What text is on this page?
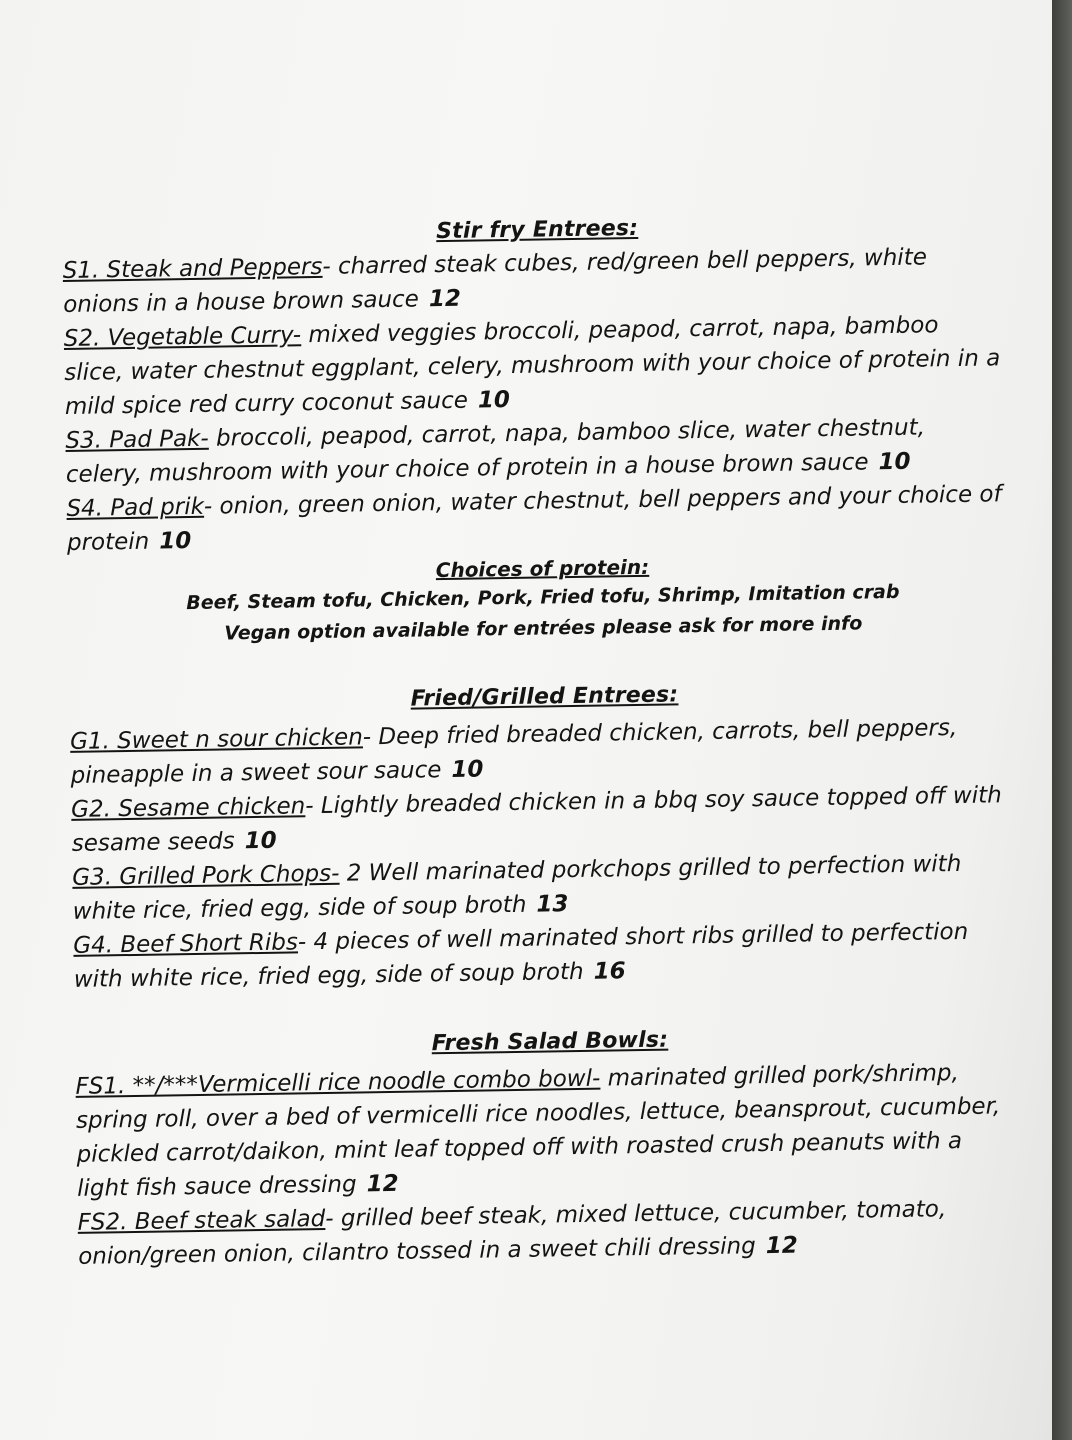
Stir fry Entrees:

S1. Steak and Peppers- charred steak cubes, red/green bell peppers, white onions in a house brown sauce 12

S2. Vegetable Curry- mixed veggies broccoli, peapod, carrot, napa, bamboo slice, water chestnut eggplant, celery, mushroom with your choice of protein in a mild spice red curry coconut sauce 10

S3. Pad Pak- broccoli, peapod, carrot, napa, bamboo slice, water chestnut, celery, mushroom with your choice of protein in a house brown sauce 10

S4. Pad prik- onion, green onion, water chestnut, bell peppers and your choice of protein 10

Choices of protein:

Beef, Steam tofu, Chicken, Pork, Fried tofu, Shrimp, Imitation crab

Vegan option available for entrées please ask for more info

Fried/Grilled Entrees:

G1. Sweet n sour chicken- Deep fried breaded chicken, carrots, bell peppers, pineapple in a sweet sour sauce 10

G2. Sesame chicken- Lightly breaded chicken in a bbq soy sauce topped off with sesame seeds 10

G3. Grilled Pork Chops- 2 Well marinated porkchops grilled to perfection with white rice, fried egg, side of soup broth 13

G4. Beef Short Ribs- 4 pieces of well marinated short ribs grilled to perfection with white rice, fried egg, side of soup broth 16

Fresh Salad Bowls:

FS1. **/***Vermicelli rice noodle combo bowl- marinated grilled pork/shrimp, spring roll, over a bed of vermicelli rice noodles, lettuce, beansprout, cucumber, pickled carrot/daikon, mint leaf topped off with roasted crush peanuts with a light fish sauce dressing 12

FS2. Beef steak salad- grilled beef steak, mixed lettuce, cucumber, tomato, onion/green onion, cilantro tossed in a sweet chili dressing 12
